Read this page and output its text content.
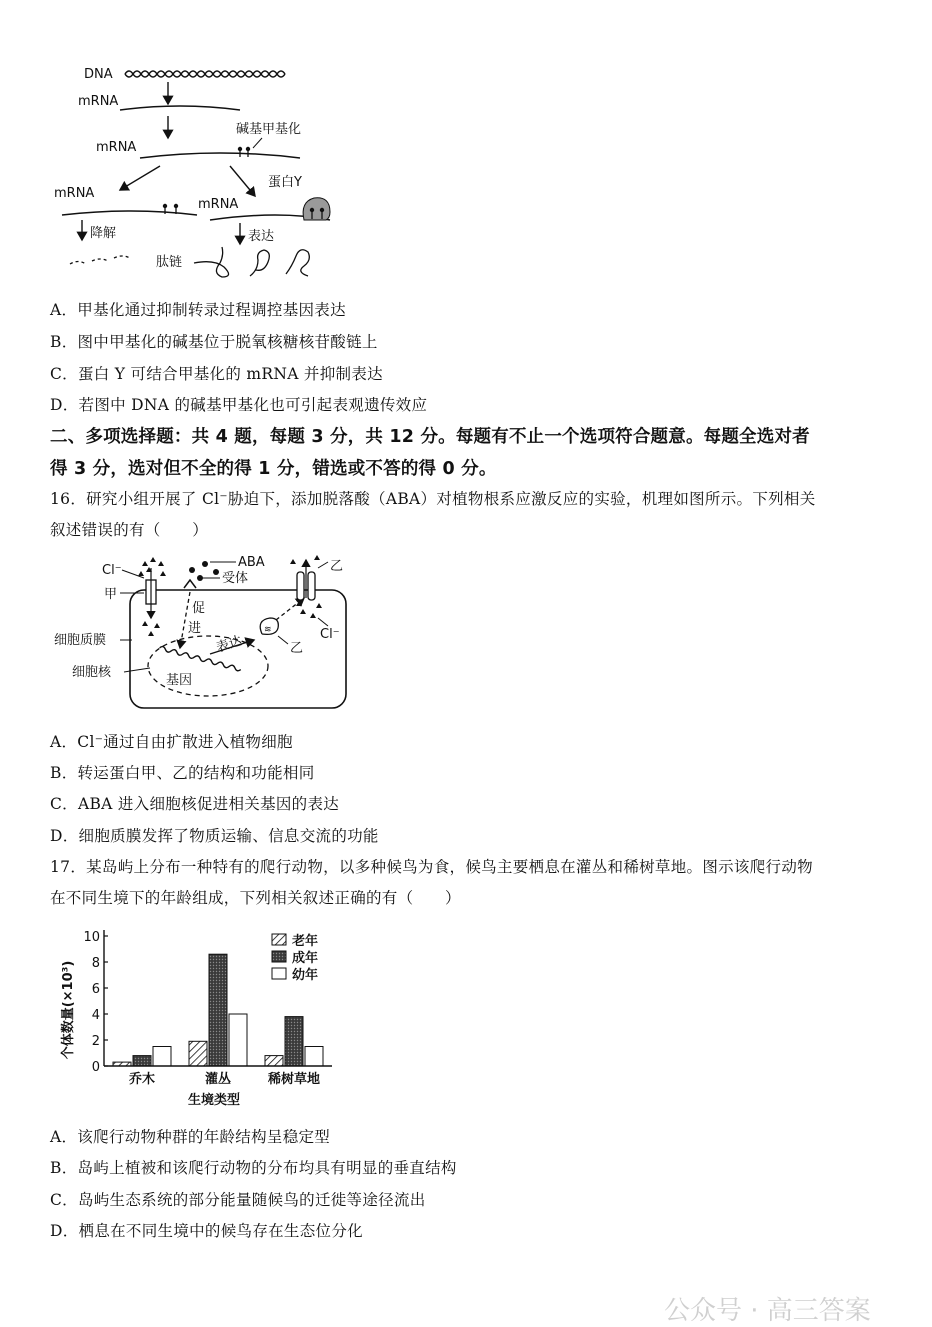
DNA
mRNA
碱基甲基化
mRNA
蛋白Y
mRNA
mRNA
降解	表达
肽链
A．甲基化通过抑制转录过程调控基因表达
B．图中甲基化的碱基位于脱氧核糖核苷酸链上
C．蛋白 Y 可结合甲基化的 mRNA 并抑制表达
D．若图中 DNA 的碱基甲基化也可引起表观遗传效应
二、多项选择题：共 4 题，每题 3 分，共 12 分。每题有不止一个选项符合题意。每题全选对者
得 3 分，选对但不全的得 1 分，错选或不答的得 0 分。
16．研究小组开展了 Cl⁻胁迫下，添加脱落酸（ABA）对植物根系应激反应的实验，机理如图所示。下列相关
叙述错误的有（　　）
Cl⁻
甲
ABA
受体
促
进
基因
表达
≋
乙
乙
Cl⁻
细胞质膜
细胞核
A．Cl⁻通过自由扩散进入植物细胞
B．转运蛋白甲、乙的结构和功能相同
C．ABA 进入细胞核促进相关基因的表达
D．细胞质膜发挥了物质运输、信息交流的功能
17．某岛屿上分布一种特有的爬行动物，以多种候鸟为食，候鸟主要栖息在灌丛和稀树草地。图示该爬行动物
在不同生境下的年龄组成，下列相关叙述正确的有（　　）
0
2
4
6
8
10
乔木	灌丛	稀树草地
老年
成年
幼年
个体数量(×10³)
生境类型
A．该爬行动物种群的年龄结构呈稳定型
B．岛屿上植被和该爬行动物的分布均具有明显的垂直结构
C．岛屿生态系统的部分能量随候鸟的迁徙等途径流出
D．栖息在不同生境中的候鸟存在生态位分化
公众号 · 高三答案
